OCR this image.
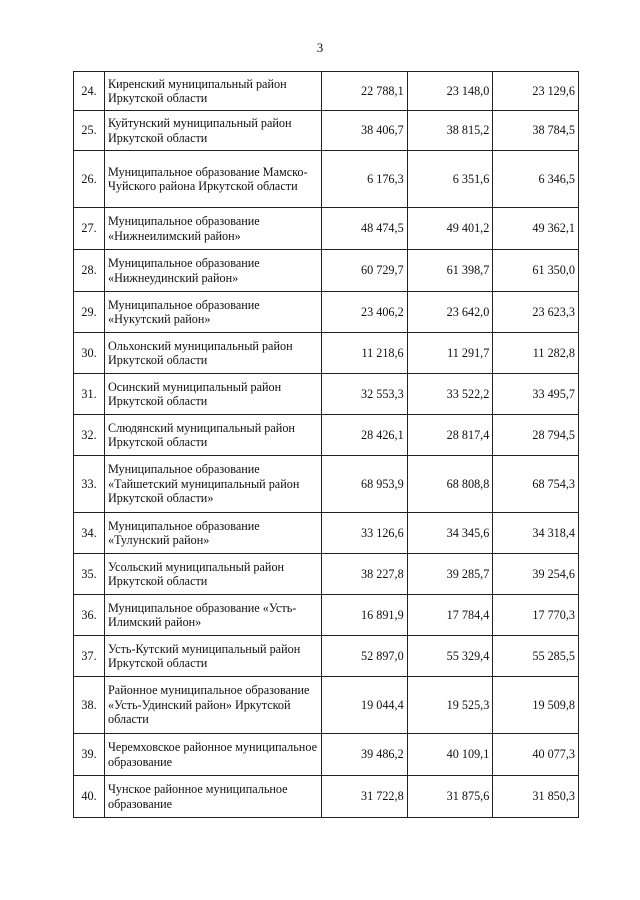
3
24.	Киренский муниципальный район Иркутской области	22 788,1	23 148,0	23 129,6
25.	Куйтунский муниципальный район Иркутской области	38 406,7	38 815,2	38 784,5
26.	Муниципальное образование Мамско-Чуйского района Иркутской области	6 176,3	6 351,6	6 346,5
27.	Муниципальное образование «Нижнеилимский район»	48 474,5	49 401,2	49 362,1
28.	Муниципальное образование «Нижнеудинский район»	60 729,7	61 398,7	61 350,0
29.	Муниципальное образование «Нукутский район»	23 406,2	23 642,0	23 623,3
30.	Ольхонский муниципальный район Иркутской области	11 218,6	11 291,7	11 282,8
31.	Осинский муниципальный район Иркутской области	32 553,3	33 522,2	33 495,7
32.	Слюдянский муниципальный район Иркутской области	28 426,1	28 817,4	28 794,5
33.	Муниципальное образование «Тайшетский муниципальный район Иркутской области»	68 953,9	68 808,8	68 754,3
34.	Муниципальное образование «Тулунский район»	33 126,6	34 345,6	34 318,4
35.	Усольский муниципальный район Иркутской области	38 227,8	39 285,7	39 254,6
36.	Муниципальное образование «Усть-Илимский район»	16 891,9	17 784,4	17 770,3
37.	Усть-Кутский муниципальный район Иркутской области	52 897,0	55 329,4	55 285,5
38.	Районное муниципальное образование «Усть-Удинский район» Иркутской области	19 044,4	19 525,3	19 509,8
39.	Черемховское районное муниципальное образование	39 486,2	40 109,1	40 077,3
40.	Чунское районное муниципальное образование	31 722,8	31 875,6	31 850,3
